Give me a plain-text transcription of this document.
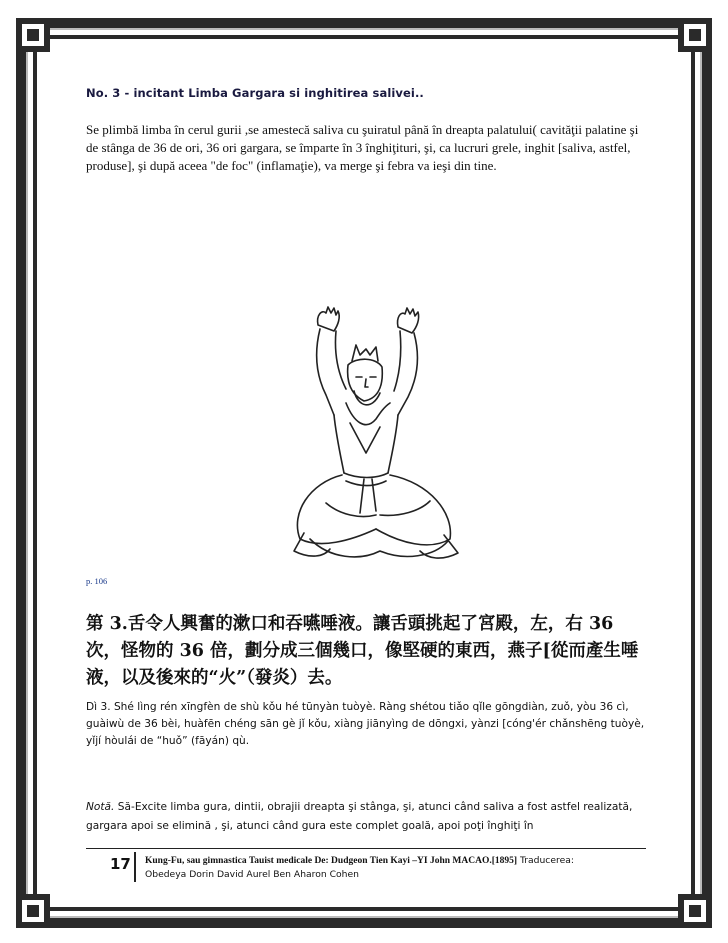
No. 3 - incitant Limba Gargara si inghitirea salivei..
Se plimbă limba în cerul gurii ,se amestecă saliva cu şuiratul până în dreapta palatului( cavităţii palatine şi de stânga de 36 de ori, 36 ori gargara, se împarte în 3 înghiţituri, şi, ca lucruri grele, inghit [saliva, astfel, produse], şi după aceea "de foc" (inflamaţie), va merge şi febra va ieşi din tine.
p. 106
第 3.舌令人興奮的漱口和吞嚥唾液。讓舌頭挑起了宮殿，左，右 36 次，怪物的 36 倍，劃分成三個幾口，像堅硬的東西，燕子[從而產生唾液，以及後來的“火”（發炎）去。
Dì 3. Shé lìng rén xīngfèn de shù kǒu hé tūnyàn tuòyè. Ràng shétou tiǎo qǐle gōngdiàn, zuǒ, yòu 36 cì, guàiwù de 36 bèi, huàfēn chéng sān gè jǐ kǒu, xiàng jiānyìng de dōngxi, yànzi [cóng'ér chǎnshēng tuòyè, yǐjí hòulái de “huǒ” (fāyán) qù.
Notă. Să-Excite limba gura, dintii, obrajii dreapta şi stânga, şi, atunci când saliva a fost astfel realizată, gargara apoi se elimină , şi, atunci când gura este complet goală, apoi poţi înghiţi în
17 Kung-Fu, sau gimnastica Tauist medicale De: Dudgeon Tien Kayi –YI John MACAO.[1895] Traducerea:
Obedeya Dorin David Aurel Ben Aharon Cohen
